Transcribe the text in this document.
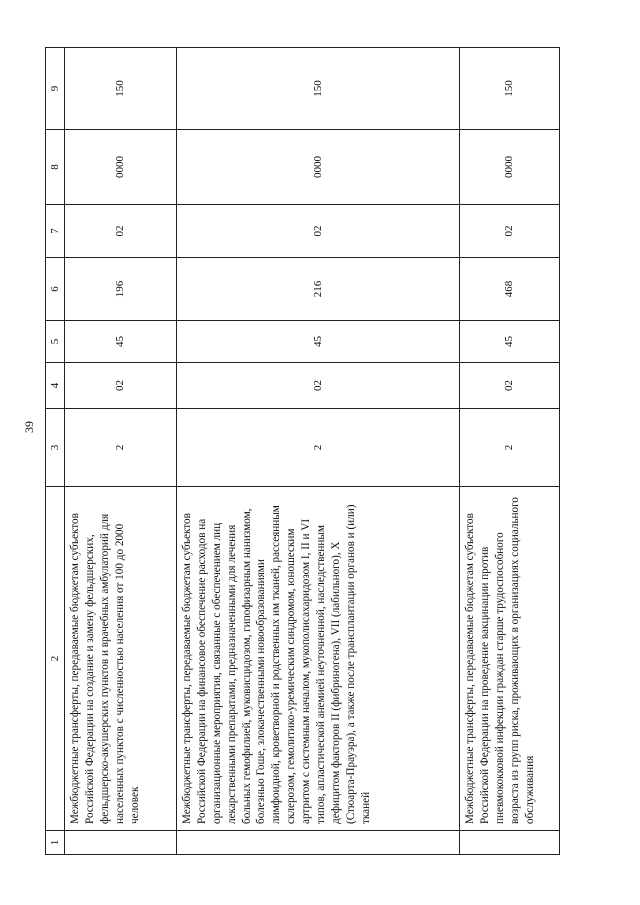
39
1	2	3	4	5	6	7	8	9
	Межбюджетные трансферты, передаваемые бюджетам субъектов Российской Федерации на создание и замену фельдшерских, фельдшерско-акушерских пунктов и врачебных амбулаторий для населенных пунктов с численностью населения от 100 до 2000 человек	2	02	45	196	02	0000	150
	Межбюджетные трансферты, передаваемые бюджетам субъектов Российской Федерации на финансовое обеспечение расходов на организационные мероприятия, связанные с обеспечением лиц лекарственными препаратами, предназначенными для лечения больных гемофилией, муковисцидозом, гипофизарным нанизмом, болезнью Гоше, злокачественными новообразованиями лимфоидной, кроветворной и родственных им тканей, рассеянным склерозом, гемолитико-уремическим синдромом, юношеским артритом с системным началом, мукополисахаридозом I, II и VI типов, апластической анемией неуточненной, наследственным дефицитом факторов II (фибриногена), VII (лабильного), X (Стюарта-Прауэра), а также после трансплантации органов и (или) тканей	2	02	45	216	02	0000	150
	Межбюджетные трансферты, передаваемые бюджетам субъектов Российской Федерации на проведение вакцинации против пневмококковой инфекции граждан старше трудоспособного возраста из групп риска, проживающих в организациях социального обслуживания	2	02	45	468	02	0000	150
